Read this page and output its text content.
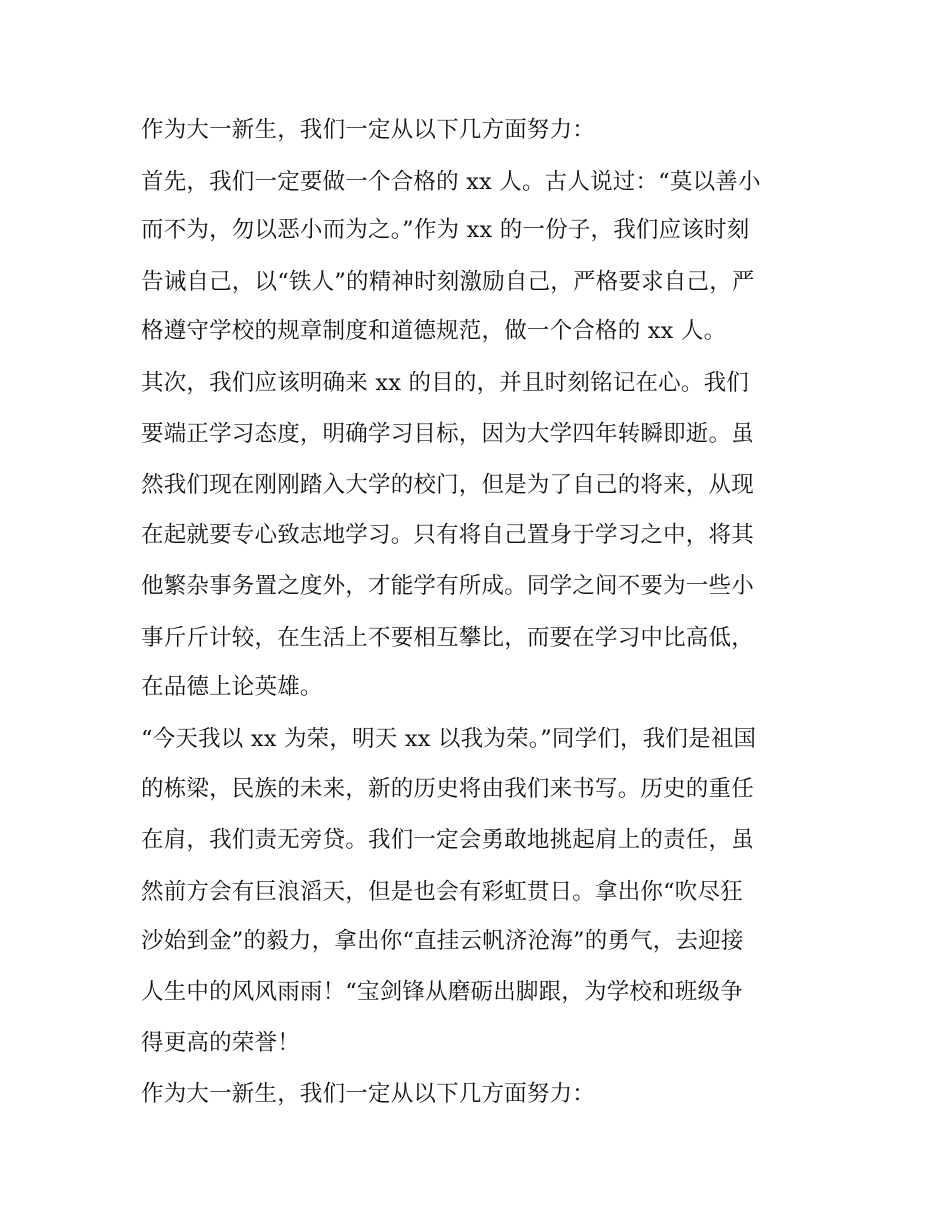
作为大一新生，我们一定从以下几方面努力：
首先，我们一定要做一个合格的 xx 人。古人说过：“莫以善小
而不为，勿以恶小而为之。”作为 xx 的一份子，我们应该时刻
告诫自己，以“铁人”的精神时刻激励自己，严格要求自己，严
格遵守学校的规章制度和道德规范，做一个合格的 xx 人。
其次，我们应该明确来 xx 的目的，并且时刻铭记在心。我们
要端正学习态度，明确学习目标，因为大学四年转瞬即逝。虽
然我们现在刚刚踏入大学的校门，但是为了自己的将来，从现
在起就要专心致志地学习。只有将自己置身于学习之中，将其
他繁杂事务置之度外，才能学有所成。同学之间不要为一些小
事斤斤计较，在生活上不要相互攀比，而要在学习中比高低，
在品德上论英雄。
“今天我以 xx 为荣，明天 xx 以我为荣。”同学们，我们是祖国
的栋梁，民族的未来，新的历史将由我们来书写。历史的重任
在肩，我们责无旁贷。我们一定会勇敢地挑起肩上的责任，虽
然前方会有巨浪滔天，但是也会有彩虹贯日。拿出你“吹尽狂
沙始到金”的毅力，拿出你“直挂云帆济沧海”的勇气，去迎接
人生中的风风雨雨！“宝剑锋从磨砺出脚跟，为学校和班级争
得更高的荣誉！
作为大一新生，我们一定从以下几方面努力：
